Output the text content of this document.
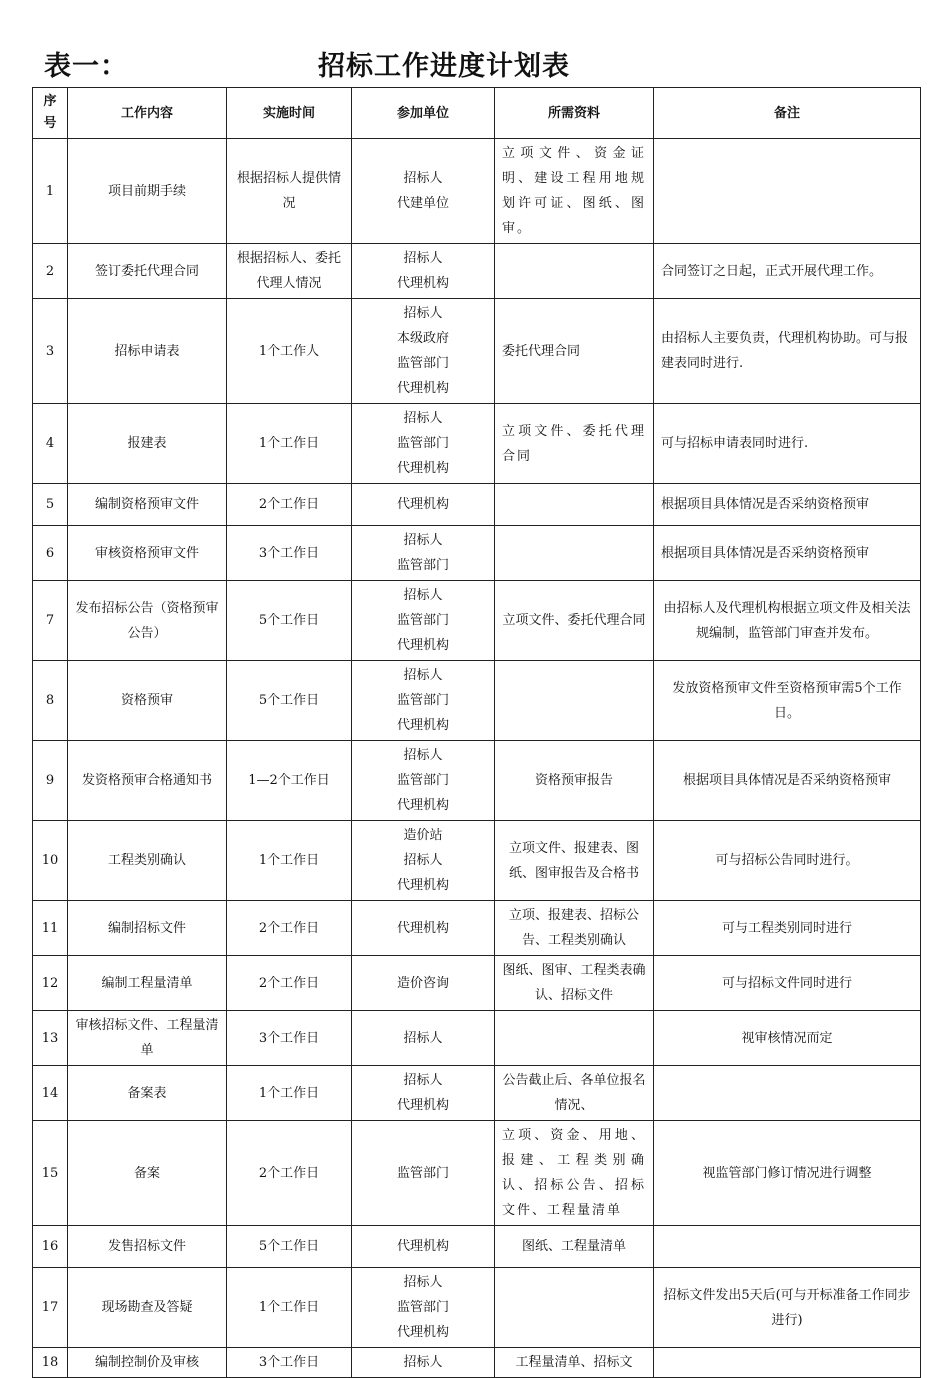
表一：	招标工作进度计划表
序 号	工作内容	实施时间	参加单位	所需资料	备注
1	项目前期手续	根据招标人提供情况	招标人
代建单位	立项文件、资金证明、建设工程用地规划许可证、图纸、图审。	
2	签订委托代理合同	根据招标人、委托代理人情况	招标人
代理机构		合同签订之日起，正式开展代理工作。
3	招标申请表	1个工作人	招标人
本级政府
监管部门
代理机构	委托代理合同	由招标人主要负责，代理机构协助。可与报建表同时进行.
4	报建表	1个工作日	招标人
监管部门
代理机构	立项文件、委托代理合同	可与招标申请表同时进行.
5	编制资格预审文件	2个工作日	代理机构		根据项目具体情况是否采纳资格预审
6	审核资格预审文件	3个工作日	招标人
监管部门		根据项目具体情况是否采纳资格预审
7	发布招标公告（资格预审公告）	5个工作日	招标人
监管部门
代理机构	立项文件、委托代理合同	由招标人及代理机构根据立项文件及相关法规编制，监管部门审查并发布。
8	资格预审	5个工作日	招标人
监管部门
代理机构		发放资格预审文件至资格预审需5个工作日。
9	发资格预审合格通知书	1—2个工作日	招标人
监管部门
代理机构	资格预审报告	根据项目具体情况是否采纳资格预审
10	工程类别确认	1个工作日	造价站
招标人
代理机构	立项文件、报建表、图纸、图审报告及合格书	可与招标公告同时进行。
11	编制招标文件	2个工作日	代理机构	立项、报建表、招标公告、工程类别确认	可与工程类别同时进行
12	编制工程量清单	2个工作日	造价咨询	图纸、图审、工程类表确认、招标文件	可与招标文件同时进行
13	审核招标文件、工程量清单	3个工作日	招标人		视审核情况而定
14	备案表	1个工作日	招标人
代理机构	公告截止后、各单位报名情况、	
15	备案	2个工作日	监管部门	立项、资金、用地、报建、工程类别确认、招标公告、招标文件、工程量清单	视监管部门修订情况进行调整
16	发售招标文件	5个工作日	代理机构	图纸、工程量清单	
17	现场勘查及答疑	1个工作日	招标人
监管部门
代理机构		招标文件发出5天后(可与开标准备工作同步进行)
18	编制控制价及审核	3个工作日	招标人	工程量清单、招标文	
